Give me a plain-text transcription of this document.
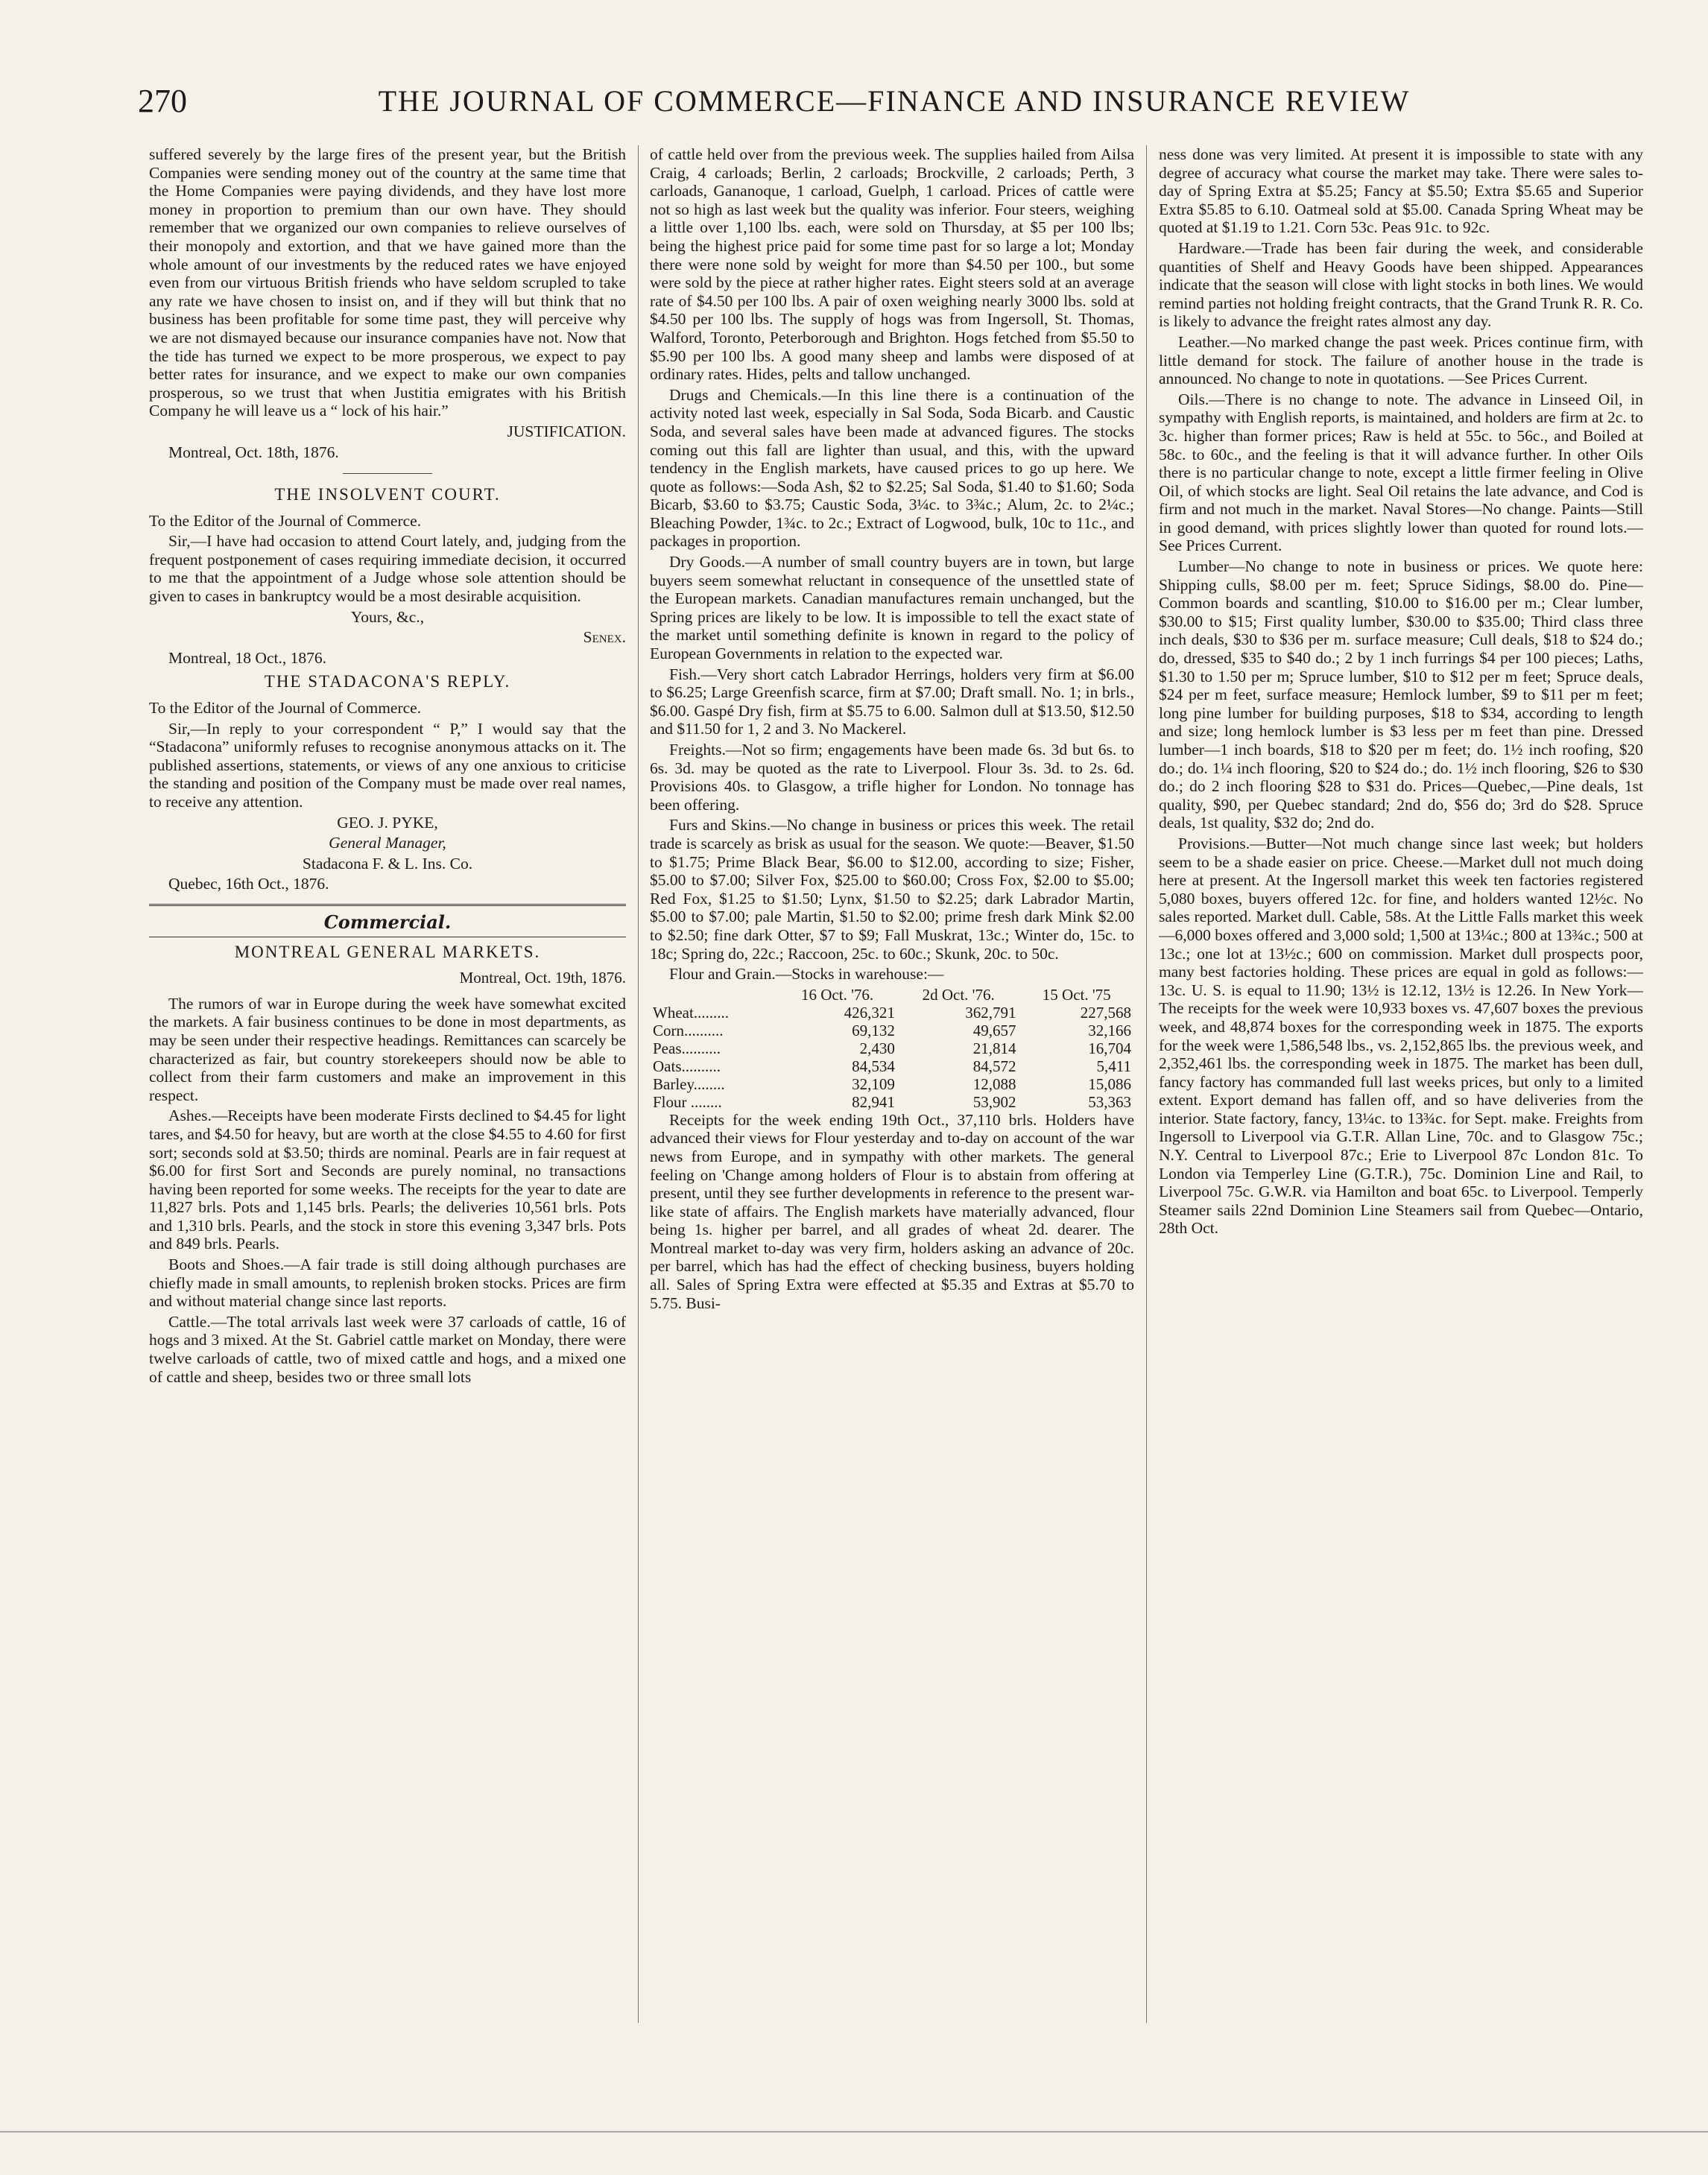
270	THE JOURNAL OF COMMERCE—FINANCE AND INSURANCE REVIEW

suffered severely by the large fires of the present year, but the British Companies were sending money out of the country at the same time that the Home Companies were paying dividends, and they have lost more money in proportion to premium than our own have. They should remember that we organized our own companies to relieve ourselves of their monopoly and extortion, and that we have gained more than the whole amount of our investments by the reduced rates we have enjoyed even from our virtuous British friends who have seldom scrupled to take any rate we have chosen to insist on, and if they will but think that no business has been profitable for some time past, they will perceive why we are not dismayed because our insurance companies have not. Now that the tide has turned we expect to be more prosperous, we expect to pay better rates for insurance, and we expect to make our own companies prosperous, so we trust that when Justitia emigrates with his British Company he will leave us a “ lock of his hair.”

JUSTIFICATION.

Montreal, Oct. 18th, 1876.

THE INSOLVENT COURT.

To the Editor of the Journal of Commerce.

Sir,—I have had occasion to attend Court lately, and, judging from the frequent postponement of cases requiring immediate decision, it occurred to me that the appointment of a Judge whose sole attention should be given to cases in bankruptcy would be a most desirable acquisition.

Yours, &c.,

Senex.

Montreal, 18 Oct., 1876.

THE STADACONA'S REPLY.

To the Editor of the Journal of Commerce.

Sir,—In reply to your correspondent “ P,” I would say that the “Stadacona” uniformly refuses to recognise anonymous attacks on it. The published assertions, statements, or views of any one anxious to criticise the standing and position of the Company must be made over real names, to receive any attention.

GEO. J. PYKE,

General Manager,

Stadacona F. & L. Ins. Co.

Quebec, 16th Oct., 1876.

Commercial.
MONTREAL GENERAL MARKETS.
Montreal, Oct. 19th, 1876.

The rumors of war in Europe during the week have somewhat excited the markets. A fair business continues to be done in most departments, as may be seen under their respective headings. Remittances can scarcely be characterized as fair, but country storekeepers should now be able to collect from their farm customers and make an improvement in this respect.

Ashes.—Receipts have been moderate Firsts declined to $4.45 for light tares, and $4.50 for heavy, but are worth at the close $4.55 to 4.60 for first sort; seconds sold at $3.50; thirds are nominal. Pearls are in fair request at $6.00 for first Sort and Seconds are purely nominal, no transactions having been reported for some weeks. The receipts for the year to date are 11,827 brls. Pots and 1,145 brls. Pearls; the deliveries 10,561 brls. Pots and 1,310 brls. Pearls, and the stock in store this evening 3,347 brls. Pots and 849 brls. Pearls.

Boots and Shoes.—A fair trade is still doing although purchases are chiefly made in small amounts, to replenish broken stocks. Prices are firm and without material change since last reports.

Cattle.—The total arrivals last week were 37 carloads of cattle, 16 of hogs and 3 mixed. At the St. Gabriel cattle market on Monday, there were twelve carloads of cattle, two of mixed cattle and hogs, and a mixed one of cattle and sheep, besides two or three small lots

of cattle held over from the previous week. The supplies hailed from Ailsa Craig, 4 carloads; Berlin, 2 carloads; Brockville, 2 carloads; Perth, 3 carloads, Gananoque, 1 carload, Guelph, 1 carload. Prices of cattle were not so high as last week but the quality was inferior. Four steers, weighing a little over 1,100 lbs. each, were sold on Thursday, at $5 per 100 lbs; being the highest price paid for some time past for so large a lot; Monday there were none sold by weight for more than $4.50 per 100., but some were sold by the piece at rather higher rates. Eight steers sold at an average rate of $4.50 per 100 lbs. A pair of oxen weighing nearly 3000 lbs. sold at $4.50 per 100 lbs. The supply of hogs was from Ingersoll, St. Thomas, Walford, Toronto, Peterborough and Brighton. Hogs fetched from $5.50 to $5.90 per 100 lbs. A good many sheep and lambs were disposed of at ordinary rates. Hides, pelts and tallow unchanged.

Drugs and Chemicals.—In this line there is a continuation of the activity noted last week, especially in Sal Soda, Soda Bicarb. and Caustic Soda, and several sales have been made at advanced figures. The stocks coming out this fall are lighter than usual, and this, with the upward tendency in the English markets, have caused prices to go up here. We quote as follows:—Soda Ash, $2 to $2.25; Sal Soda, $1.40 to $1.60; Soda Bicarb, $3.60 to $3.75; Caustic Soda, 3¼c. to 3¾c.; Alum, 2c. to 2¼c.; Bleaching Powder, 1¾c. to 2c.; Extract of Logwood, bulk, 10c to 11c., and packages in proportion.

Dry Goods.—A number of small country buyers are in town, but large buyers seem somewhat reluctant in consequence of the unsettled state of the European markets. Canadian manufactures remain unchanged, but the Spring prices are likely to be low. It is impossible to tell the exact state of the market until something definite is known in regard to the policy of European Governments in relation to the expected war.

Fish.—Very short catch Labrador Herrings, holders very firm at $6.00 to $6.25; Large Greenfish scarce, firm at $7.00; Draft small. No. 1; in brls., $6.00. Gaspé Dry fish, firm at $5.75 to 6.00. Salmon dull at $13.50, $12.50 and $11.50 for 1, 2 and 3. No Mackerel.

Freights.—Not so firm; engagements have been made 6s. 3d but 6s. to 6s. 3d. may be quoted as the rate to Liverpool. Flour 3s. 3d. to 2s. 6d. Provisions 40s. to Glasgow, a trifle higher for London. No tonnage has been offering.

Furs and Skins.—No change in business or prices this week. The retail trade is scarcely as brisk as usual for the season. We quote:—Beaver, $1.50 to $1.75; Prime Black Bear, $6.00 to $12.00, according to size; Fisher, $5.00 to $7.00; Silver Fox, $25.00 to $60.00; Cross Fox, $2.00 to $5.00; Red Fox, $1.25 to $1.50; Lynx, $1.50 to $2.25; dark Labrador Martin, $5.00 to $7.00; pale Martin, $1.50 to $2.00; prime fresh dark Mink $2.00 to $2.50; fine dark Otter, $7 to $9; Fall Muskrat, 13c.; Winter do, 15c. to 18c; Spring do, 22c.; Raccoon, 25c. to 60c.; Skunk, 20c. to 50c.

Flour and Grain.—Stocks in warehouse:—

	16 Oct. '76.	2d Oct. '76.	15 Oct. '75
Wheat.........	426,321	362,791	227,568
Corn..........	69,132	49,657	32,166
Peas..........	2,430	21,814	16,704
Oats..........	84,534	84,572	5,411
Barley........	32,109	12,088	15,086
Flour ........	82,941	53,902	53,363

Receipts for the week ending 19th Oct., 37,110 brls. Holders have advanced their views for Flour yesterday and to-day on account of the war news from Europe, and in sympathy with other markets. The general feeling on 'Change among holders of Flour is to abstain from offering at present, until they see further developments in reference to the present war-like state of affairs. The English markets have materially advanced, flour being 1s. higher per barrel, and all grades of wheat 2d. dearer. The Montreal market to-day was very firm, holders asking an advance of 20c. per barrel, which has had the effect of checking business, buyers holding all. Sales of Spring Extra were effected at $5.35 and Extras at $5.70 to 5.75. Busi-

ness done was very limited. At present it is impossible to state with any degree of accuracy what course the market may take. There were sales to-day of Spring Extra at $5.25; Fancy at $5.50; Extra $5.65 and Superior Extra $5.85 to 6.10. Oatmeal sold at $5.00. Canada Spring Wheat may be quoted at $1.19 to 1.21. Corn 53c. Peas 91c. to 92c.

Hardware.—Trade has been fair during the week, and considerable quantities of Shelf and Heavy Goods have been shipped. Appearances indicate that the season will close with light stocks in both lines. We would remind parties not holding freight contracts, that the Grand Trunk R. R. Co. is likely to advance the freight rates almost any day.

Leather.—No marked change the past week. Prices continue firm, with little demand for stock. The failure of another house in the trade is announced. No change to note in quotations. —See Prices Current.

Oils.—There is no change to note. The advance in Linseed Oil, in sympathy with English reports, is maintained, and holders are firm at 2c. to 3c. higher than former prices; Raw is held at 55c. to 56c., and Boiled at 58c. to 60c., and the feeling is that it will advance further. In other Oils there is no particular change to note, except a little firmer feeling in Olive Oil, of which stocks are light. Seal Oil retains the late advance, and Cod is firm and not much in the market. Naval Stores—No change. Paints—Still in good demand, with prices slightly lower than quoted for round lots.—See Prices Current.

Lumber—No change to note in business or prices. We quote here: Shipping culls, $8.00 per m. feet; Spruce Sidings, $8.00 do. Pine—Common boards and scantling, $10.00 to $16.00 per m.; Clear lumber, $30.00 to $15; First quality lumber, $30.00 to $35.00; Third class three inch deals, $30 to $36 per m. surface measure; Cull deals, $18 to $24 do.; do, dressed, $35 to $40 do.; 2 by 1 inch furrings $4 per 100 pieces; Laths, $1.30 to 1.50 per m; Spruce lumber, $10 to $12 per m feet; Spruce deals, $24 per m feet, surface measure; Hemlock lumber, $9 to $11 per m feet; long pine lumber for building purposes, $18 to $34, according to length and size; long hemlock lumber is $3 less per m feet than pine. Dressed lumber—1 inch boards, $18 to $20 per m feet; do. 1½ inch roofing, $20 do.; do. 1¼ inch flooring, $20 to $24 do.; do. 1½ inch flooring, $26 to $30 do.; do 2 inch flooring $28 to $31 do. Prices—Quebec,—Pine deals, 1st quality, $90, per Quebec standard; 2nd do, $56 do; 3rd do $28. Spruce deals, 1st quality, $32 do; 2nd do.

Provisions.—Butter—Not much change since last week; but holders seem to be a shade easier on price. Cheese.—Market dull not much doing here at present. At the Ingersoll market this week ten factories registered 5,080 boxes, buyers offered 12c. for fine, and holders wanted 12½c. No sales reported. Market dull. Cable, 58s. At the Little Falls market this week—6,000 boxes offered and 3,000 sold; 1,500 at 13¼c.; 800 at 13¾c.; 500 at 13c.; one lot at 13½c.; 600 on commission. Market dull prospects poor, many best factories holding. These prices are equal in gold as follows:—13c. U. S. is equal to 11.90; 13½ is 12.12, 13½ is 12.26. In New York—The receipts for the week were 10,933 boxes vs. 47,607 boxes the previous week, and 48,874 boxes for the corresponding week in 1875. The exports for the week were 1,586,548 lbs., vs. 2,152,865 lbs. the previous week, and 2,352,461 lbs. the corresponding week in 1875. The market has been dull, fancy factory has commanded full last weeks prices, but only to a limited extent. Export demand has fallen off, and so have deliveries from the interior. State factory, fancy, 13¼c. to 13¾c. for Sept. make. Freights from Ingersoll to Liverpool via G.T.R. Allan Line, 70c. and to Glasgow 75c.; N.Y. Central to Liverpool 87c.; Erie to Liverpool 87c London 81c. To London via Temperley Line (G.T.R.), 75c. Dominion Line and Rail, to Liverpool 75c. G.W.R. via Hamilton and boat 65c. to Liverpool. Temperly Steamer sails 22nd Dominion Line Steamers sail from Quebec—Ontario, 28th Oct.
